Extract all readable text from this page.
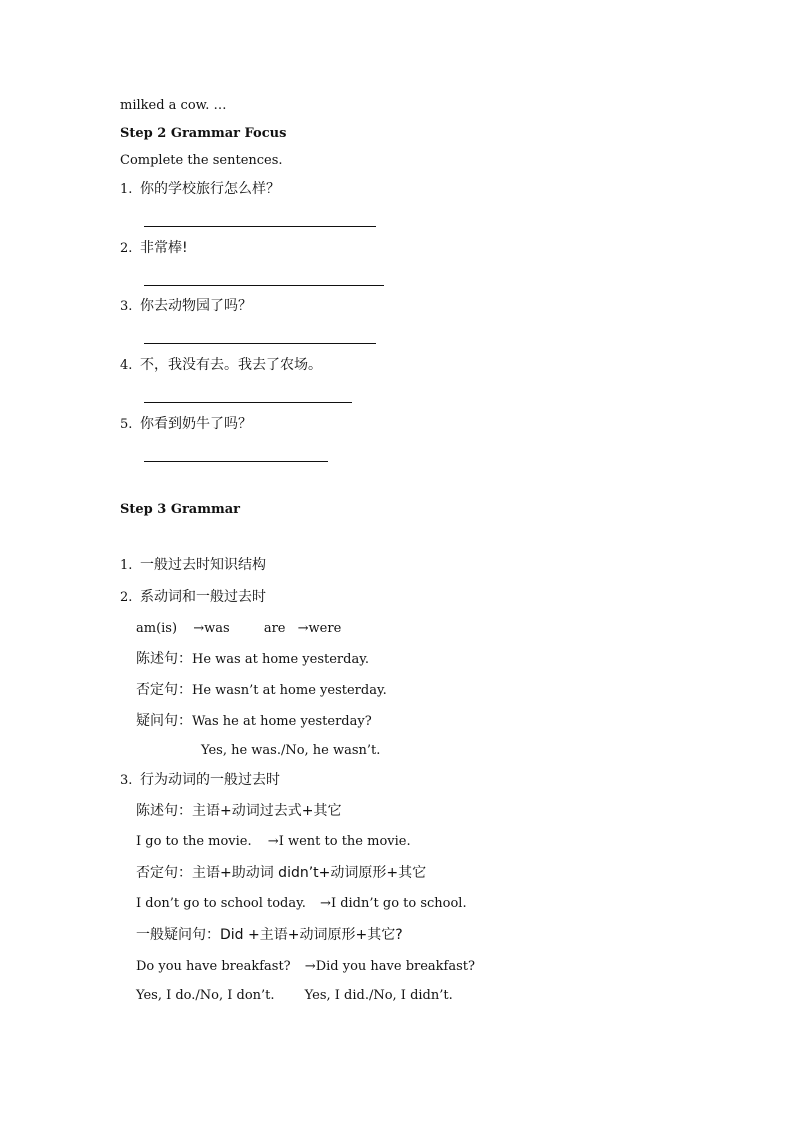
milked a cow. …
Step 2 Grammar Focus
Complete the sentences.
1. 你的学校旅行怎么样？
2. 非常棒!
3. 你去动物园了吗？
4. 不，我没有去。我去了农场。
5. 你看到奶牛了吗？
Step 3 Grammar
1. 一般过去时知识结构
2. 系动词和一般过去时
am(is) →was	are →were
陈述句：He was at home yesterday.
否定句：He wasn’t at home yesterday.
疑问句：Was he at home yesterday?
Yes, he was./No, he wasn’t.
3. 行为动词的一般过去时
陈述句：主语+动词过去式+其它
I go to the movie. →I went to the movie.
否定句：主语+助动词 didn’t+动词原形+其它
I don’t go to school today. →I didn’t go to school.
一般疑问句：Did +主语+动词原形+其它?
Do you have breakfast? →Did you have breakfast?
Yes, I do./No, I don’t. Yes, I did./No, I didn’t.
